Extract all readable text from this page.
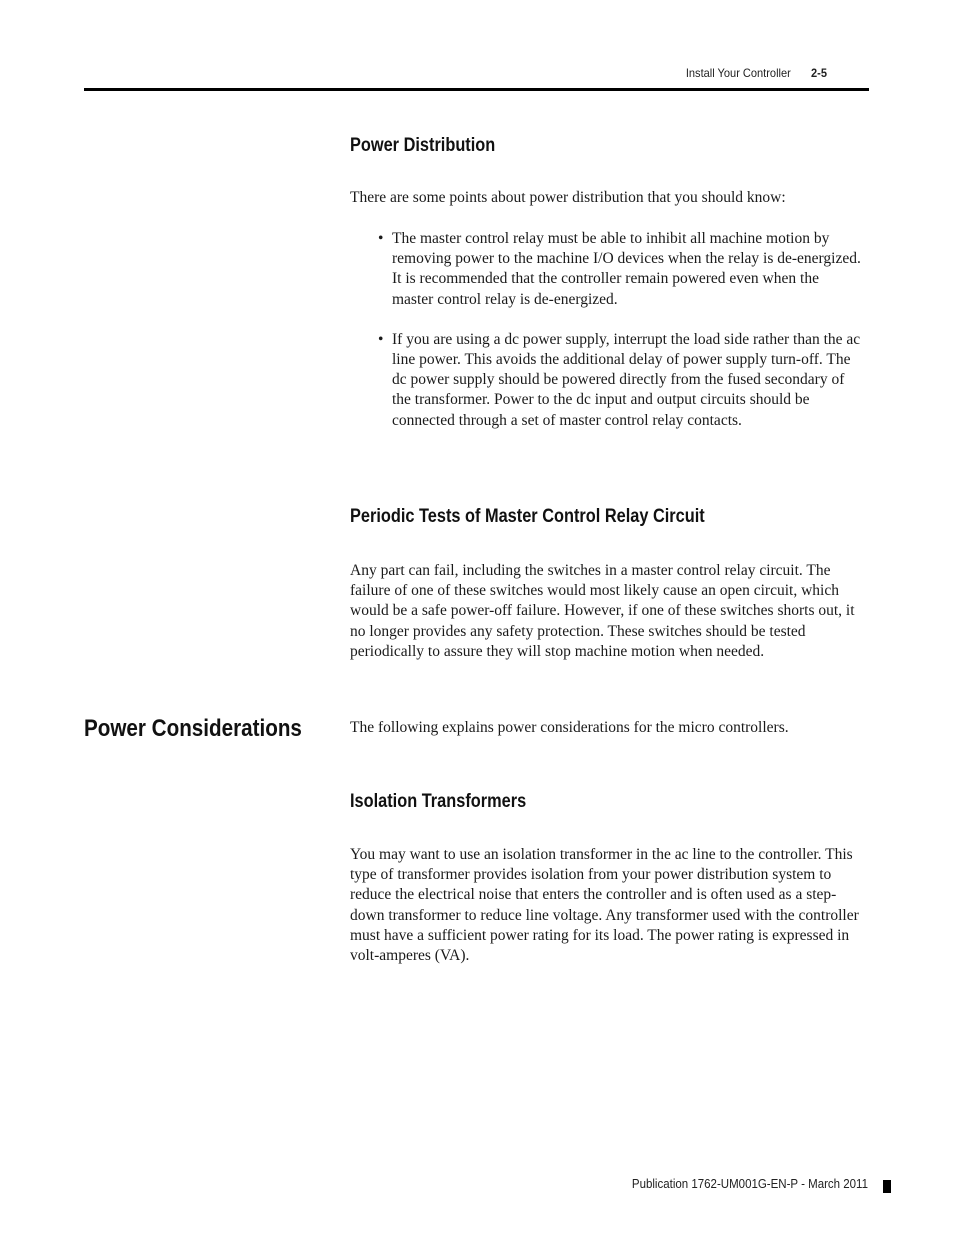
Install Your Controller 2-5
Power Distribution

There are some points about power distribution that you should know:

• The master control relay must be able to inhibit all machine motion by removing power to the machine I/O devices when the relay is de-energized. It is recommended that the controller remain powered even when the master control relay is de-energized.
• If you are using a dc power supply, interrupt the load side rather than the ac line power. This avoids the additional delay of power supply turn-off. The dc power supply should be powered directly from the fused secondary of the transformer. Power to the dc input and output circuits should be connected through a set of master control relay contacts.
Periodic Tests of Master Control Relay Circuit

Any part can fail, including the switches in a master control relay circuit. The failure of one of these switches would most likely cause an open circuit, which would be a safe power-off failure. However, if one of these switches shorts out, it no longer provides any safety protection. These switches should be tested periodically to assure they will stop machine motion when needed.

Power Considerations	The following explains power considerations for the micro controllers.

Isolation Transformers

You may want to use an isolation transformer in the ac line to the controller. This type of transformer provides isolation from your power distribution system to reduce the electrical noise that enters the controller and is often used as a step-down transformer to reduce line voltage. Any transformer used with the controller must have a sufficient power rating for its load. The power rating is expressed in volt-amperes (VA).

Publication 1762-UM001G-EN-P - March 2011
